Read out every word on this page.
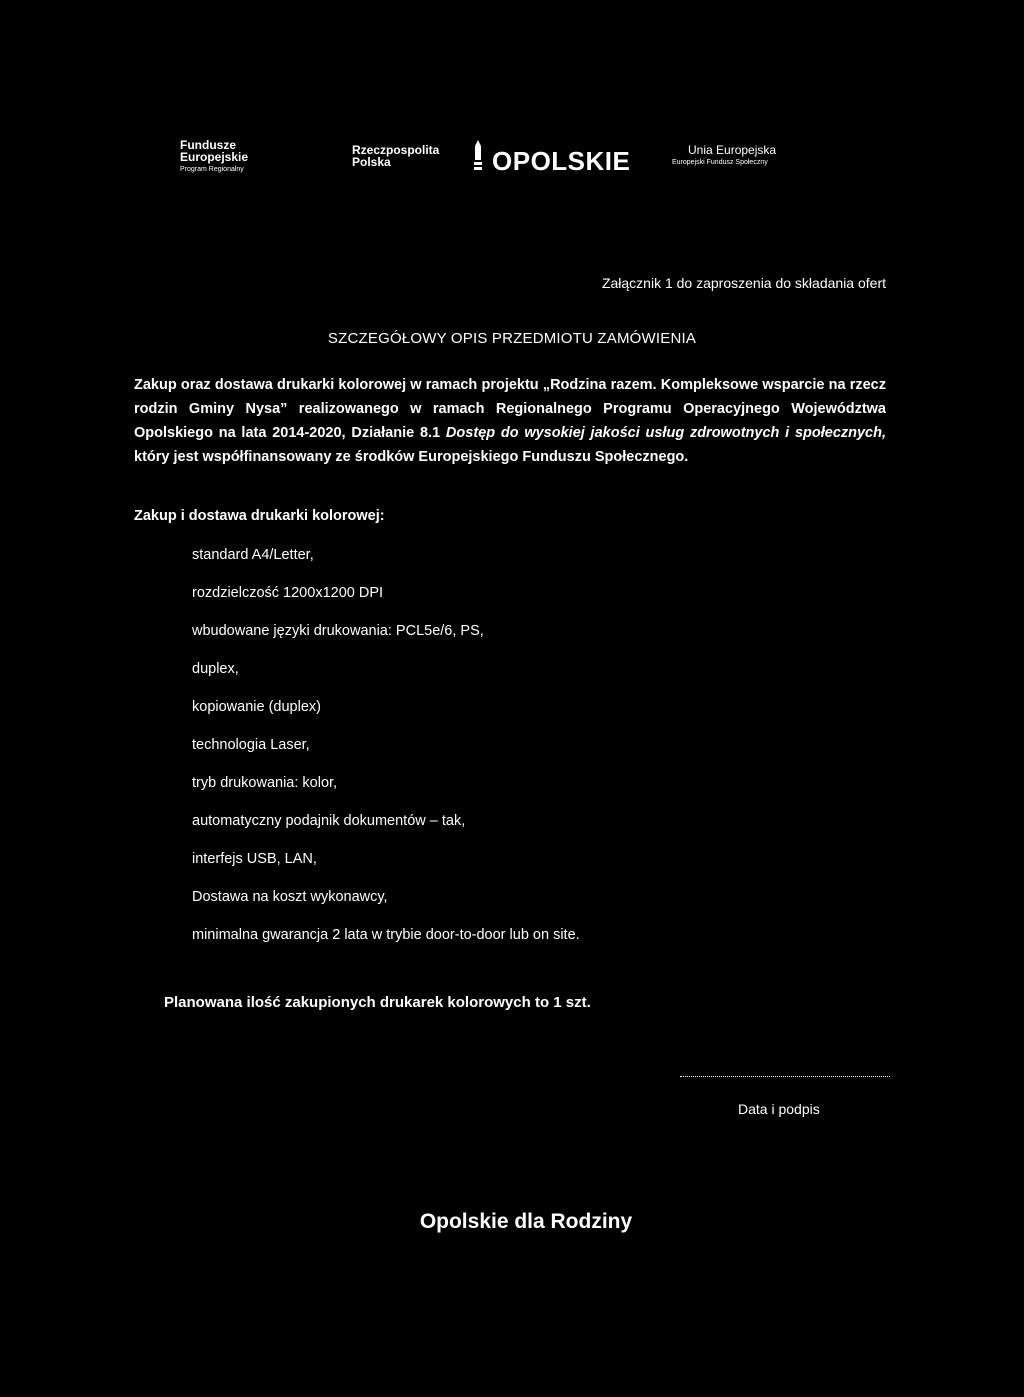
Fundusze
Europejskie
Program Regionalny
Rzeczpospolita
Polska	OPOLSKIE	Unia Europejska
Europejski Fundusz Społeczny
Załącznik 1 do zaproszenia do składania ofert
SZCZEGÓŁOWY OPIS PRZEDMIOTU ZAMÓWIENIA

Zakup oraz dostawa drukarki kolorowej w ramach projektu „Rodzina razem. Kompleksowe wsparcie na rzecz rodzin Gminy Nysa” realizowanego w ramach Regionalnego Programu Operacyjnego Województwa Opolskiego na lata 2014-2020, Działanie 8.1 Dostęp do wysokiej jakości usług zdrowotnych i społecznych, który jest współfinansowany ze środków Europejskiego Funduszu Społecznego.

Zakup i dostawa drukarki kolorowej:
standard A4/Letter,
rozdzielczość 1200x1200 DPI
wbudowane języki drukowania: PCL5e/6, PS,
duplex,
kopiowanie (duplex)
technologia Laser,
tryb drukowania: kolor,
automatyczny podajnik dokumentów – tak,
interfejs USB, LAN,
Dostawa na koszt wykonawcy,
minimalna gwarancja 2 lata w trybie door-to-door lub on site.
Planowana ilość zakupionych drukarek kolorowych to 1 szt.
Data i podpis
Opolskie dla Rodziny
